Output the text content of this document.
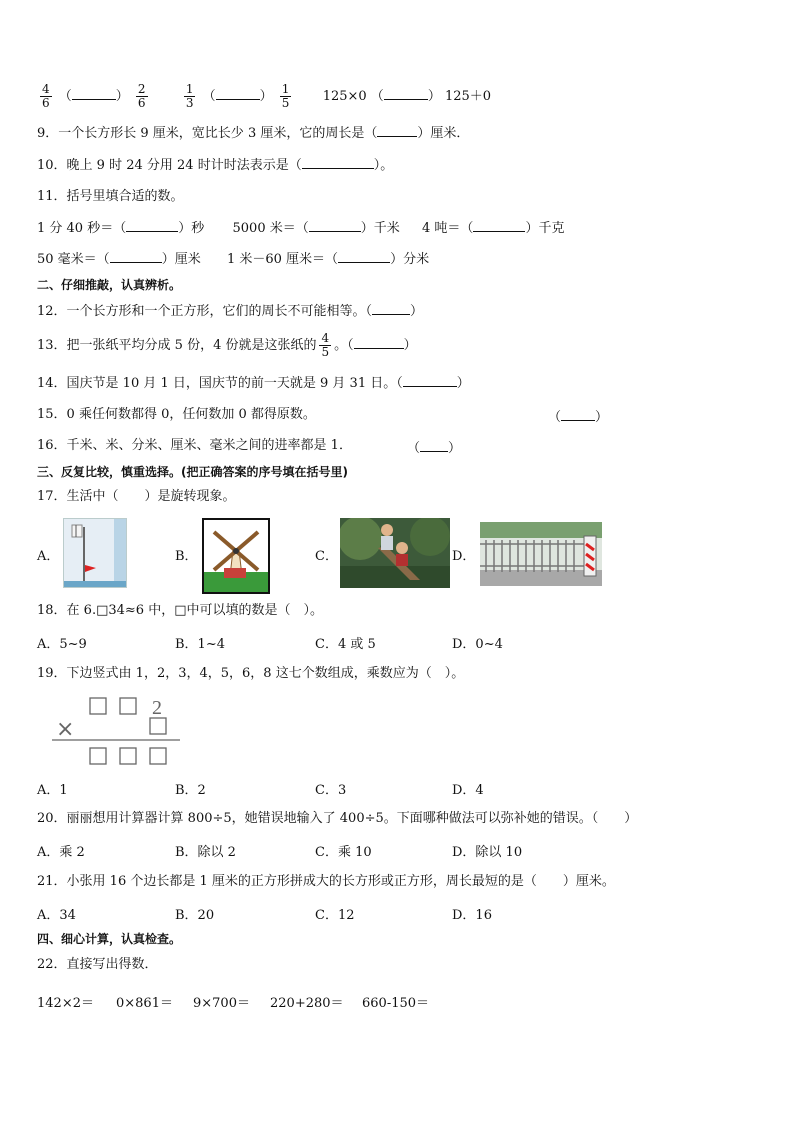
$\frac{4}{6}$ （	） $\frac{2}{6}$
	$\frac{1}{3}$ （	） $\frac{1}{5} 125\times 0$ （	） 125＋0
9．一个长方形长 9 厘米，宽比长少 3 厘米，它的周长是（	）厘米．
10．晚上 9 时 24 分用 24 时计时法表示是（	）。
11．括号里填合适的数。
1 分 40 秒＝（	）秒 5000 米＝（	）千米 4 吨＝（	）千克
50 毫米＝（	）厘米 1 米－60 厘米＝（	）分米
二、仔细推敲，认真辨析。
12．一个长方形和一个正方形，它们的周长不可能相等。（	）
13．把一张纸平均分成 5 份，4 份就是这张纸的 $\frac{4}{5}$ 。（	）
14．国庆节是 10 月 1 日，国庆节的前一天就是 9 月 31 日。（	）
15．0 乘任何数都得 0，任何数加 0 都得原数。	（	）
16．千米、米、分米、厘米、毫米之间的进率都是 1．	（ ）
三、反复比较，慎重选择。(把正确答案的序号填在括号里)
17．生活中（　　）是旋转现象。
A．	B．	C．	D．
18．在 6.□34≈6 中，□中可以填的数是（　）。
A．5~9	B．1~4	C．4 或 5	D．0~4
19．下边竖式由 1，2，3，4，5，6，8 这七个数组成，乘数应为（　）。
2
×
A．1	B．2	C．3	D．4
20．丽丽想用计算器计算 800÷5，她错误地输入了 400÷5。下面哪种做法可以弥补她的错误。（　　）
A．乘 2	B．除以 2	C．乘 10	D．除以 10
21．小张用 16 个边长都是 1 厘米的正方形拼成大的长方形或正方形，周长最短的是（　　）厘米。
A．34	B．20	C．12	D．16
四、细心计算，认真检查。
22．直接写出得数．
142×2＝ 0×861＝ 9×700＝ 220+280＝ 660-150＝
